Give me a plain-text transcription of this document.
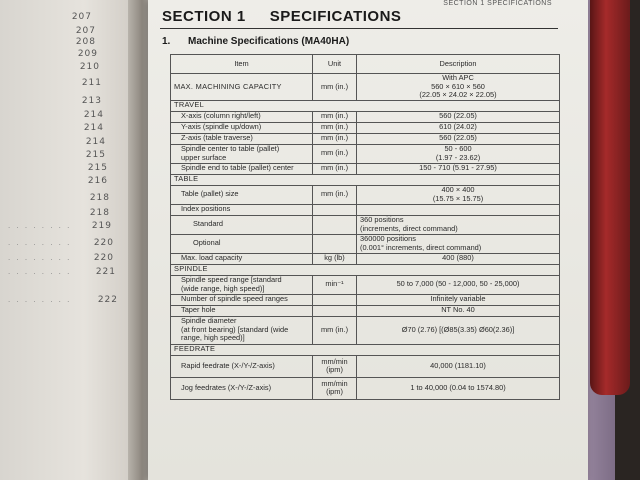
207
207
208
209
210
211
213
214
214
214
215
215
216
218
218
219
. . . . . . . .
220
. . . . . . . .
220
. . . . . . . .
221
. . . . . . . .
222
. . . . . . . .
SECTION 1 SPECIFICATIONS
SECTION 1 SPECIFICATIONS
1. Machine Specifications (MA40HA)
Item	Unit	Description
MAX. MACHINING CAPACITY	mm (in.)	With APC
560 × 610 × 560
(22.05 × 24.02 × 22.05)
TRAVEL		
X-axis (column right/left)	mm (in.)	560 (22.05)
Y-axis (spindle up/down)	mm (in.)	610 (24.02)
Z-axis (table traverse)	mm (in.)	560 (22.05)
Spindle center to table (pallet)
upper surface	mm (in.)	50 - 600
(1.97 - 23.62)
Spindle end to table (pallet) center	mm (in.)	150 - 710 (5.91 - 27.95)
TABLE		
Table (pallet) size	mm (in.)	400 × 400
(15.75 × 15.75)
Index positions		
Standard		360 positions
(increments, direct command)
Optional		360000 positions
(0.001° increments, direct command)
Max. load capacity	kg (lb)	400 (880)
SPINDLE		
Spindle speed range [standard
(wide range, high speed)]	min⁻¹	50 to 7,000 (50 - 12,000, 50 - 25,000)
Number of spindle speed ranges		Infinitely variable
Taper hole		NT No. 40
Spindle diameter
(at front bearing) [standard (wide
range, high speed)]	mm (in.)	Ø70 (2.76) [(Ø85(3.35) Ø60(2.36)]
FEEDRATE		
Rapid feedrate (X-/Y-/Z-axis)	mm/min
(ipm)	40,000 (1181.10)
Jog feedrates (X-/Y-/Z-axis)	mm/min
(ipm)	1 to 40,000 (0.04 to 1574.80)
